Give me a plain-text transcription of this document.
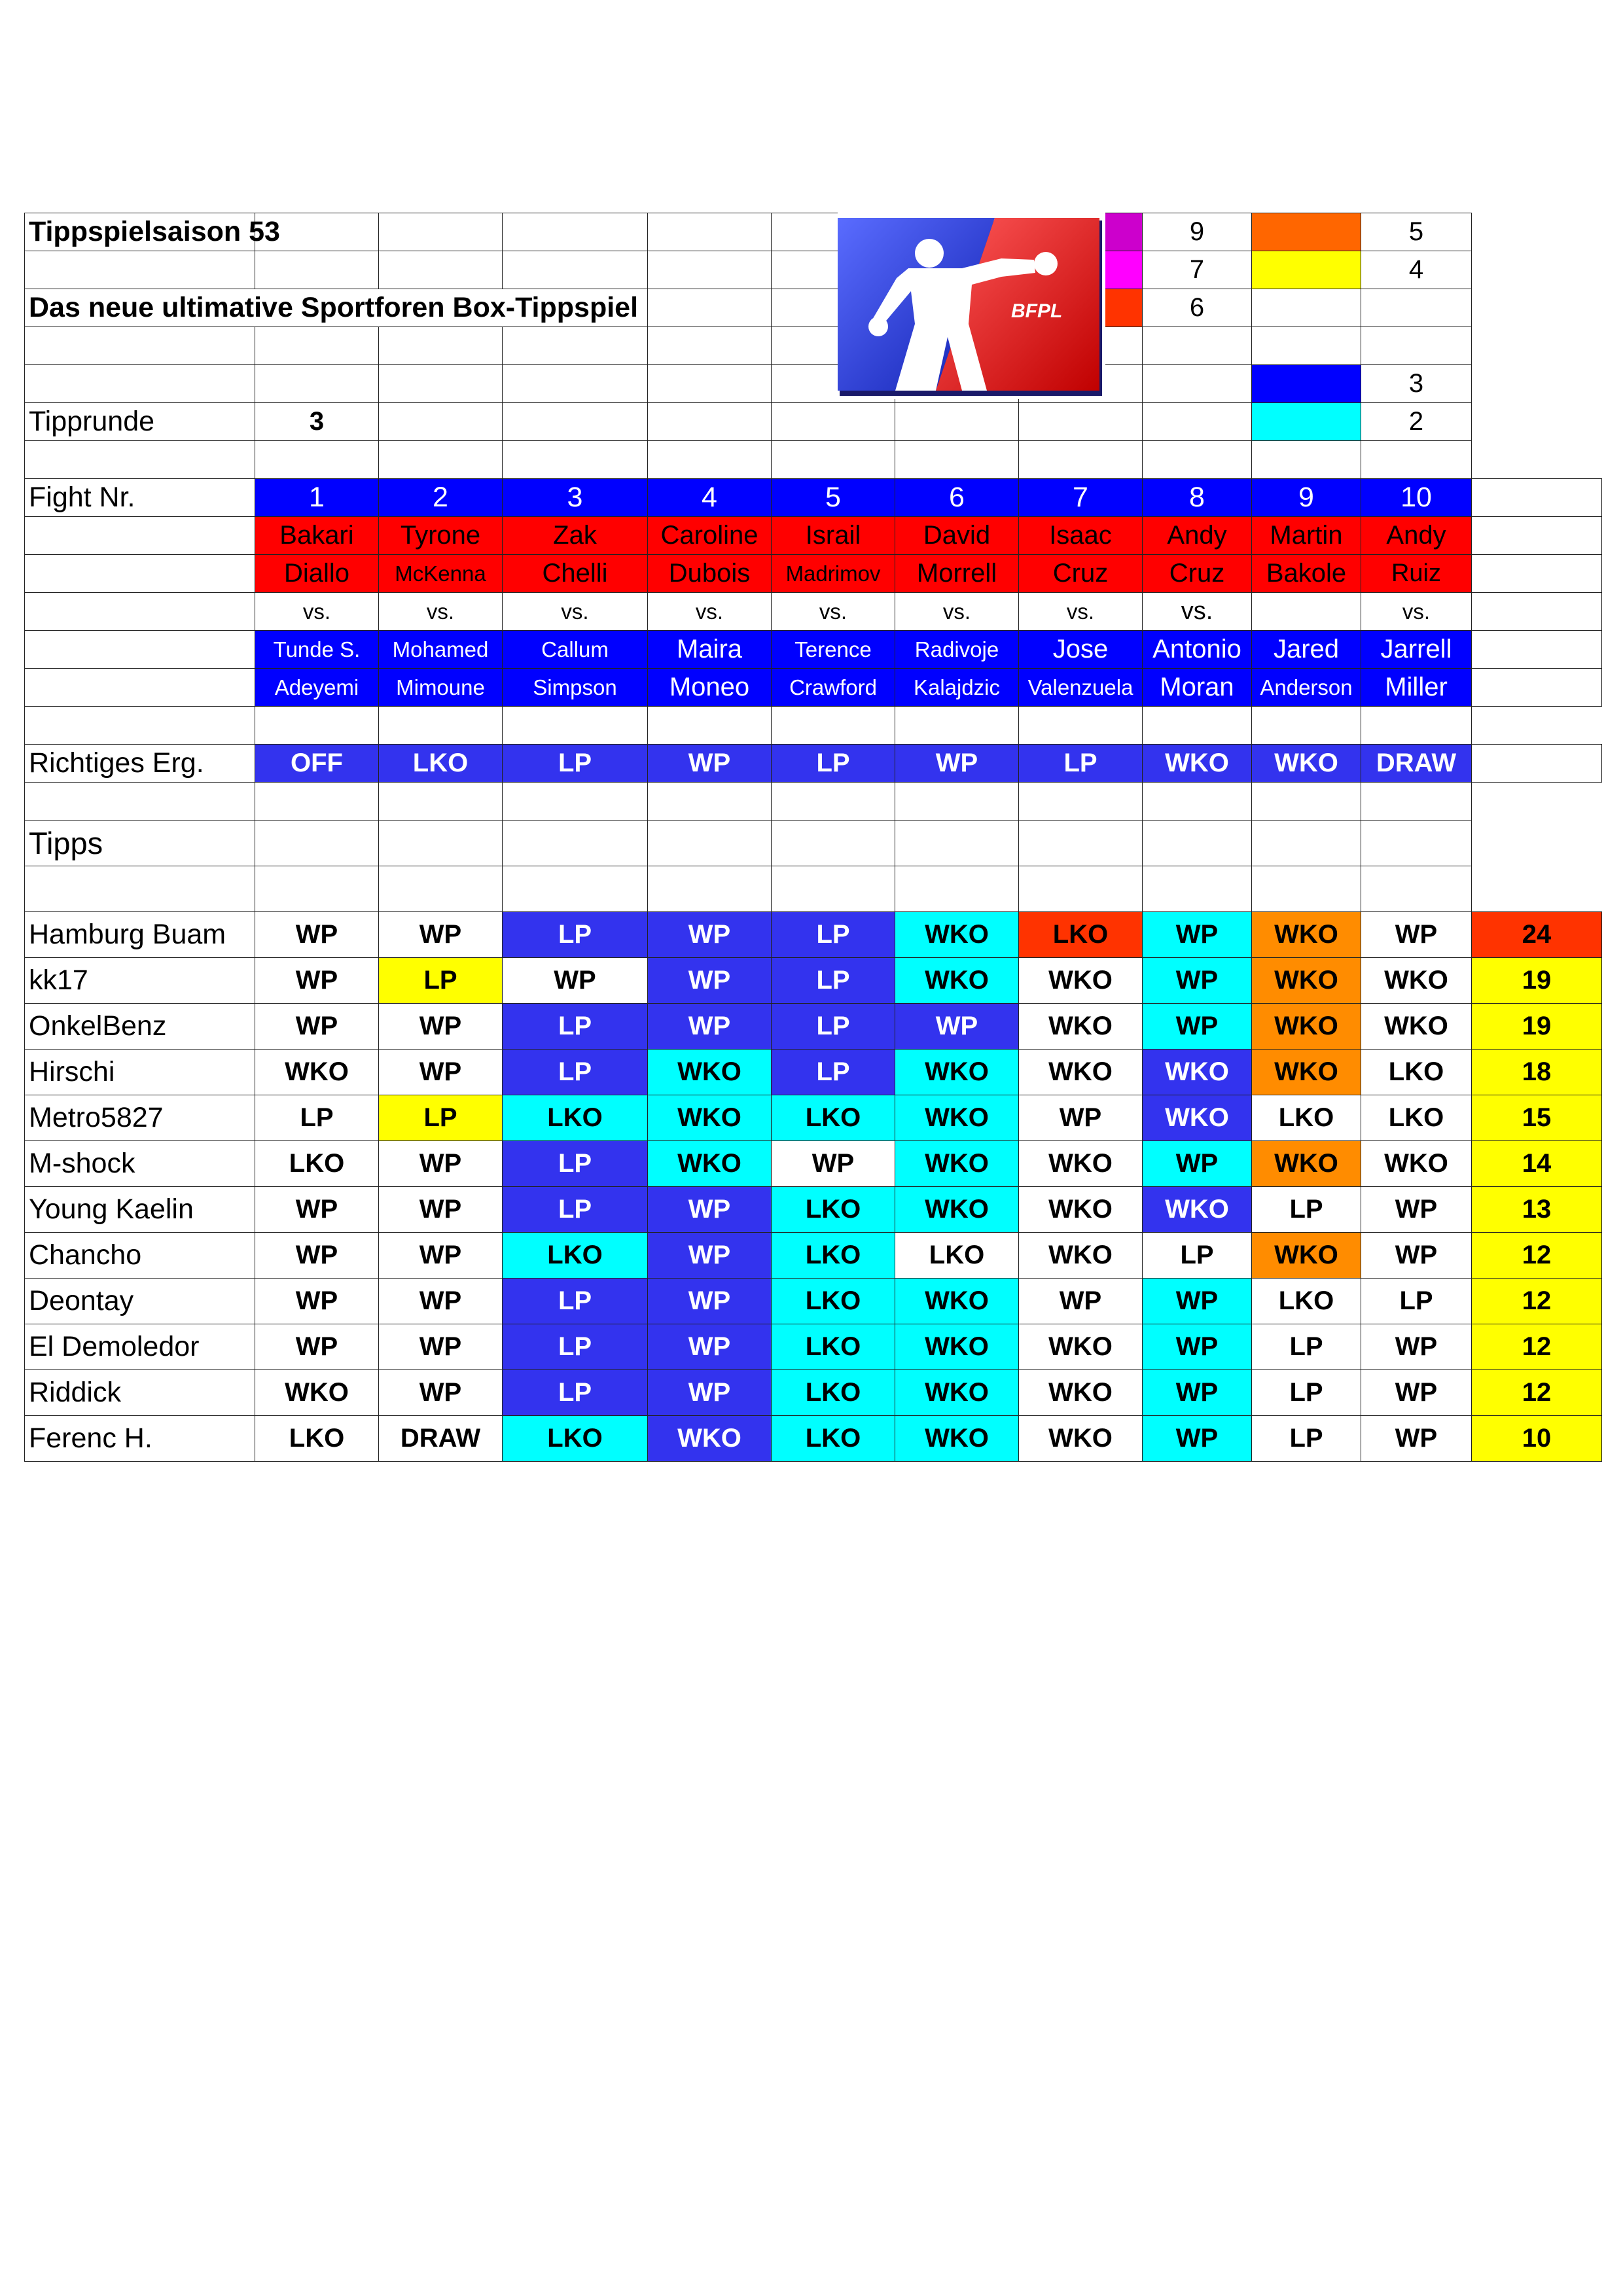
BFPL
Tippspielsaison 53								9		5	
								7		4	
Das neue ultimative Sportforen Box-Tippspiel								6			

										3	
Tipprunde	3									2	

Fight Nr.	1	2	3	4	5	6	7	8	9	10	
	Bakari	Tyrone	Zak	Caroline	Israil	David	Isaac	Andy	Martin	Andy	
	Diallo	McKenna	Chelli	Dubois	Madrimov	Morrell	Cruz	Cruz	Bakole	Ruiz	
	vs.	vs.	vs.	vs.	vs.	vs.	vs.	vs.		vs.	
	Tunde S.	Mohamed	Callum	Maira	Terence	Radivoje	Jose	Antonio	Jared	Jarrell	
	Adeyemi	Mimoune	Simpson	Moneo	Crawford	Kalajdzic	Valenzuela	Moran	Anderson	Miller	

Richtiges Erg.	OFF	LKO	LP	WP	LP	WP	LP	WKO	WKO	DRAW	

Tipps											

Hamburg Buam	WP	WP	LP	WP	LP	WKO	LKO	WP	WKO	WP	24
kk17	WP	LP	WP	WP	LP	WKO	WKO	WP	WKO	WKO	19
OnkelBenz	WP	WP	LP	WP	LP	WP	WKO	WP	WKO	WKO	19
Hirschi	WKO	WP	LP	WKO	LP	WKO	WKO	WKO	WKO	LKO	18
Metro5827	LP	LP	LKO	WKO	LKO	WKO	WP	WKO	LKO	LKO	15
M-shock	LKO	WP	LP	WKO	WP	WKO	WKO	WP	WKO	WKO	14
Young Kaelin	WP	WP	LP	WP	LKO	WKO	WKO	WKO	LP	WP	13
Chancho	WP	WP	LKO	WP	LKO	LKO	WKO	LP	WKO	WP	12
Deontay	WP	WP	LP	WP	LKO	WKO	WP	WP	LKO	LP	12
El Demoledor	WP	WP	LP	WP	LKO	WKO	WKO	WP	LP	WP	12
Riddick	WKO	WP	LP	WP	LKO	WKO	WKO	WP	LP	WP	12
Ferenc H.	LKO	DRAW	LKO	WKO	LKO	WKO	WKO	WP	LP	WP	10
